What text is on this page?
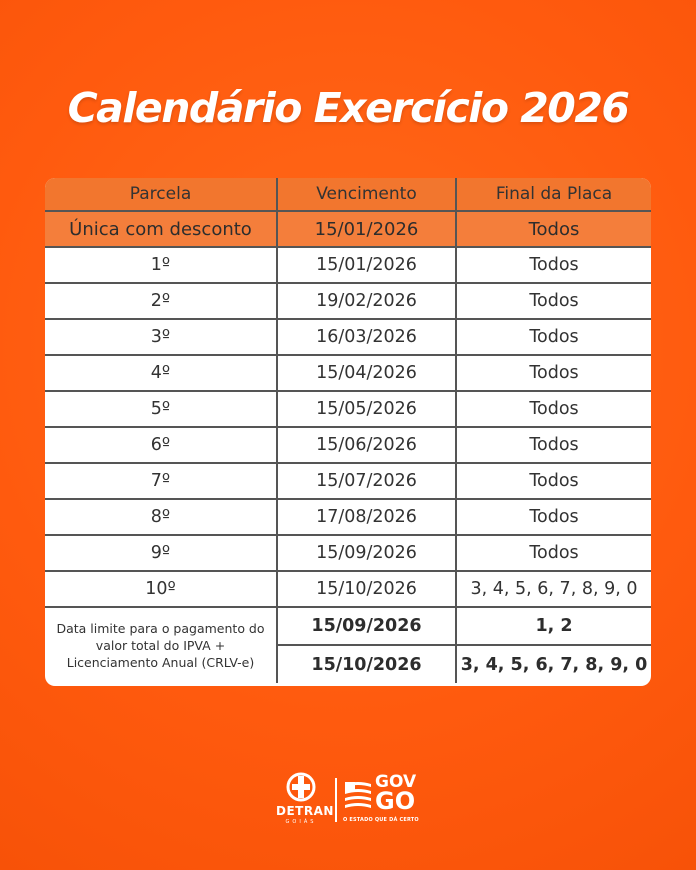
Calendário Exercício 2026
Parcela	Vencimento	Final da Placa
Única com desconto	15/01/2026	Todos
1º	15/01/2026	Todos
2º	19/02/2026	Todos
3º	16/03/2026	Todos
4º	15/04/2026	Todos
5º	15/05/2026	Todos
6º	15/06/2026	Todos
7º	15/07/2026	Todos
8º	17/08/2026	Todos
9º	15/09/2026	Todos
10º	15/10/2026	3, 4, 5, 6, 7, 8, 9, 0
Data limite para o pagamento do valor total do IPVA + Licenciamento Anual (CRLV-e)	15/09/2026	1, 2
	15/10/2026	3, 4, 5, 6, 7, 8, 9, 0
DETRAN
GOIÁS
GOV
GO
O ESTADO QUE DÁ CERTO
